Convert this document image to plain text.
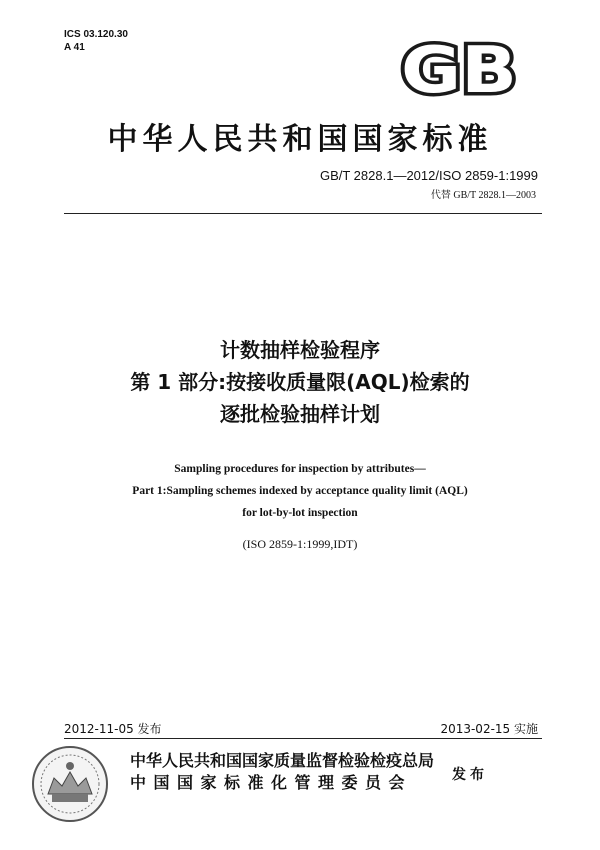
ICS 03.120.30
A 41	GB
中华人民共和国国家标准
GB/T 2828.1—2012/ISO 2859-1:1999
代替 GB/T 2828.1—2003
计数抽样检验程序
第 1 部分:按接收质量限(AQL)检索的
逐批检验抽样计划
Sampling procedures for inspection by attributes—
Part 1:Sampling schemes indexed by acceptance quality limit (AQL)
for lot-by-lot inspection
(ISO 2859-1:1999,IDT)
2012-11-05 发布	2013-02-15 实施
中华人民共和国国家质量监督检验检疫总局
中国国家标准化管理委员会	发布
